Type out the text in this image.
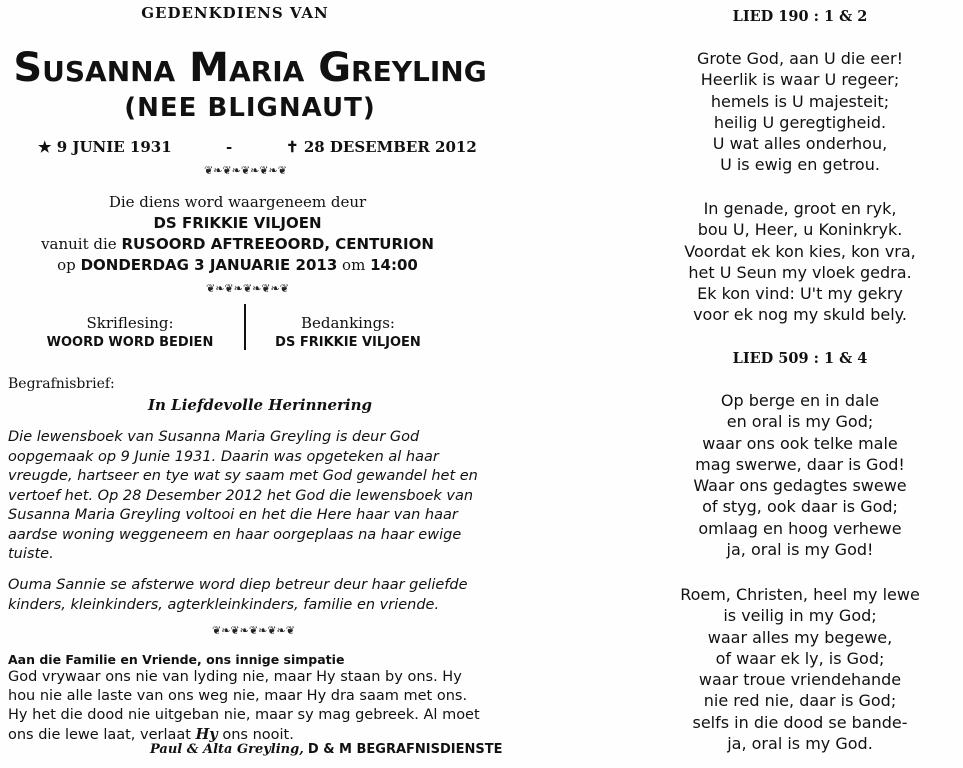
GEDENKDIENS VAN
Susanna Maria Greyling
(NEE BLIGNAUT)
★ 9 JUNIE 1931	-	✝ 28 DESEMBER 2012
❦❧❦❧❦❧❦❧❦
Die diens word waargeneem deur
DS FRIKKIE VILJOEN
vanuit die RUSOORD AFTREEOORD, CENTURION
op DONDERDAG 3 JANUARIE 2013 om 14:00
❦❧❦❧❦❧❦❧❦
Skriflesing:
WOORD WORD BEDIEN
Bedankings:
DS FRIKKIE VILJOEN
Begrafnisbrief:
In Liefdevolle Herinnering
Die lewensboek van Susanna Maria Greyling is deur God
oopgemaak op 9 Junie 1931. Daarin was opgeteken al haar
vreugde, hartseer en tye wat sy saam met God gewandel het en
vertoef het. Op 28 Desember 2012 het God die lewensboek van
Susanna Maria Greyling voltooi en het die Here haar van haar
aardse woning weggeneem en haar oorgeplaas na haar ewige
tuiste.
Ouma Sannie se afsterwe word diep betreur deur haar geliefde
kinders, kleinkinders, agterkleinkinders, familie en vriende.
❦❧❦❧❦❧❦❧❦
Aan die Familie en Vriende, ons innige simpatie
God vrywaar ons nie van lyding nie, maar Hy staan by ons. Hy
hou nie alle laste van ons weg nie, maar Hy dra saam met ons.
Hy het die dood nie uitgeban nie, maar sy mag gebreek. Al moet
ons die lewe laat, verlaat Hy ons nooit.
Paul & Alta Greyling, D & M BEGRAFNISDIENSTE
LIED 190 : 1 & 2
Grote God, aan U die eer!
Heerlik is waar U regeer;
hemels is U majesteit;
heilig U geregtigheid.
U wat alles onderhou,
U is ewig en getrou.
In genade, groot en ryk,
bou U, Heer, u Koninkryk.
Voordat ek kon kies, kon vra,
het U Seun my vloek gedra.
Ek kon vind: U't my gekry
voor ek nog my skuld bely.
LIED 509 : 1 & 4
Op berge en in dale
en oral is my God;
waar ons ook telke male
mag swerwe, daar is God!
Waar ons gedagtes swewe
of styg, ook daar is God;
omlaag en hoog verhewe
ja, oral is my God!
Roem, Christen, heel my lewe
is veilig in my God;
waar alles my begewe,
of waar ek ly, is God;
waar troue vriendehande
nie red nie, daar is God;
selfs in die dood se bande-
ja, oral is my God.
